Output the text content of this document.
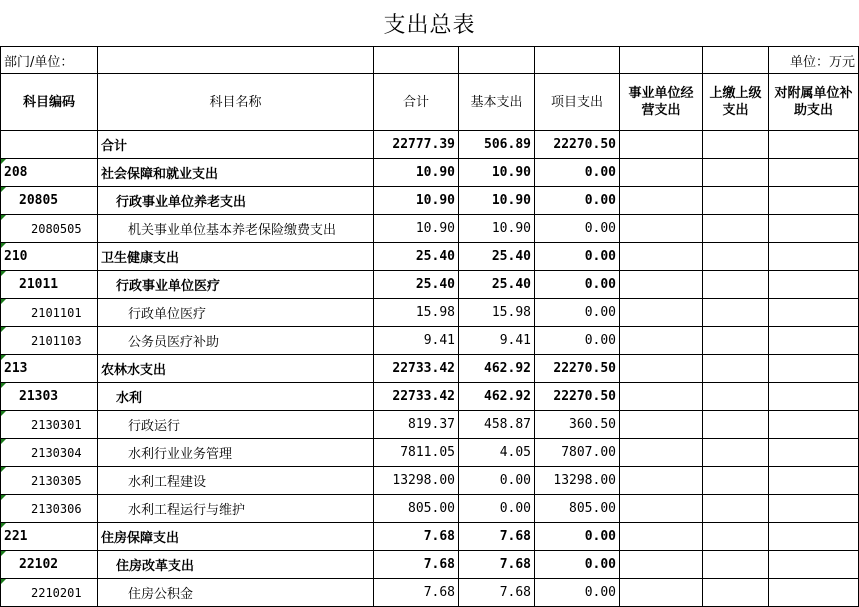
支出总表
部门/单位：							单位：万元
科目编码	科目名称	合计	基本支出	项目支出	事业单位经营支出	上缴上级支出	对附属单位补助支出
	合计	22777.39	506.89	22270.50			

208	社会保障和就业支出	10.90	10.90	0.00			

20805	行政事业单位养老支出	10.90	10.90	0.00			

2080505	机关事业单位基本养老保险缴费支出	10.90	10.90	0.00			

210	卫生健康支出	25.40	25.40	0.00			

21011	行政事业单位医疗	25.40	25.40	0.00			

2101101	行政单位医疗	15.98	15.98	0.00			

2101103	公务员医疗补助	9.41	9.41	0.00			

213	农林水支出	22733.42	462.92	22270.50			

21303	水利	22733.42	462.92	22270.50			

2130301	行政运行	819.37	458.87	360.50			

2130304	水利行业业务管理	7811.05	4.05	7807.00			

2130305	水利工程建设	13298.00	0.00	13298.00			

2130306	水利工程运行与维护	805.00	0.00	805.00			

221	住房保障支出	7.68	7.68	0.00			

22102	住房改革支出	7.68	7.68	0.00			

2210201	住房公积金	7.68	7.68	0.00			
